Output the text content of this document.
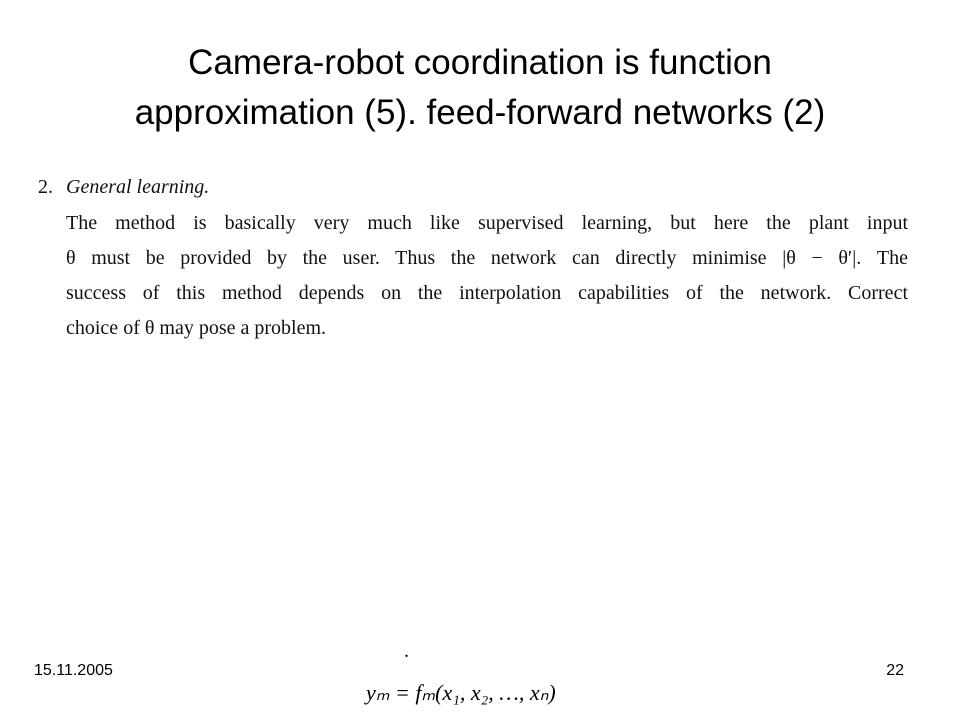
Camera-robot coordination is function
approximation (5). feed-forward networks (2)
2. General learning.
The method is basically very much like supervised learning, but here the plant input
θ must be provided by the user. Thus the network can directly minimise |θ − θ′|. The
success of this method depends on the interpolation capabilities of the network. Correct
choice of θ may pose a problem.
.
yₘ = fₘ(x₁, x₂, …, xₙ)
15.11.2005	22
